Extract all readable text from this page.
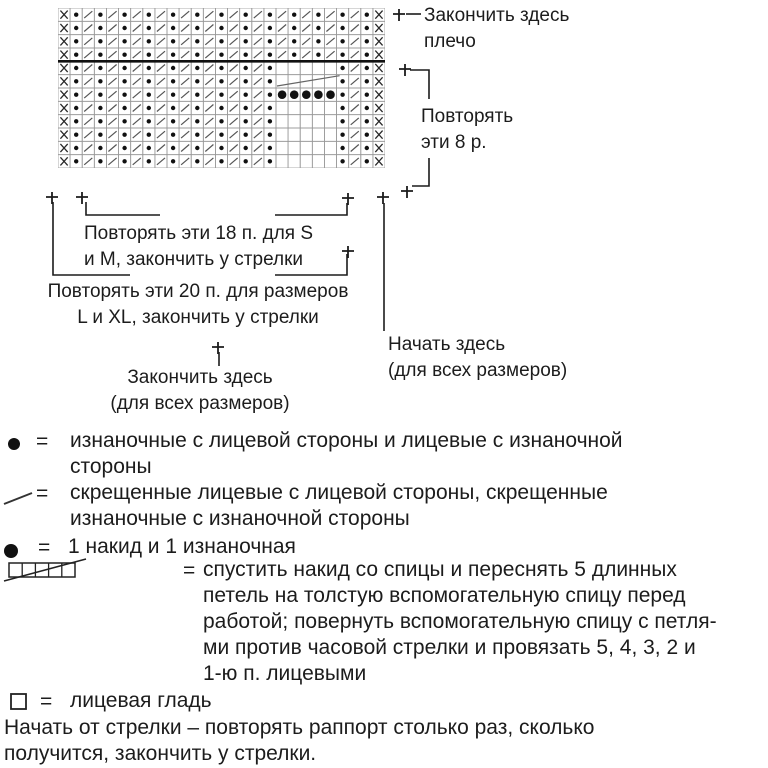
Закончить здесь
плечо
Повторять
эти 8 р.
Повторять эти 18 п. для S
и М, закончить у стрелки
Повторять эти 20 п. для размеров
L и XL, закончить у стрелки
Закончить здесь
(для всех размеров)
Начать здесь
(для всех размеров)
= изнаночные с лицевой стороны и лицевые с изнаночной
стороны
= скрещенные лицевые с лицевой стороны, скрещенные
изнаночные с изнаночной стороны
= 1 накид и 1 изнаночная
= спустить накид со спицы и переснять 5 длинных
петель на толстую вспомогательную спицу перед
работой; повернуть вспомогательную спицу с петля-
ми против часовой стрелки и провязать 5, 4, 3, 2 и
1-ю п. лицевыми
= лицевая гладь
Начать от стрелки – повторять раппорт столько раз, сколько
получится, закончить у стрелки.
